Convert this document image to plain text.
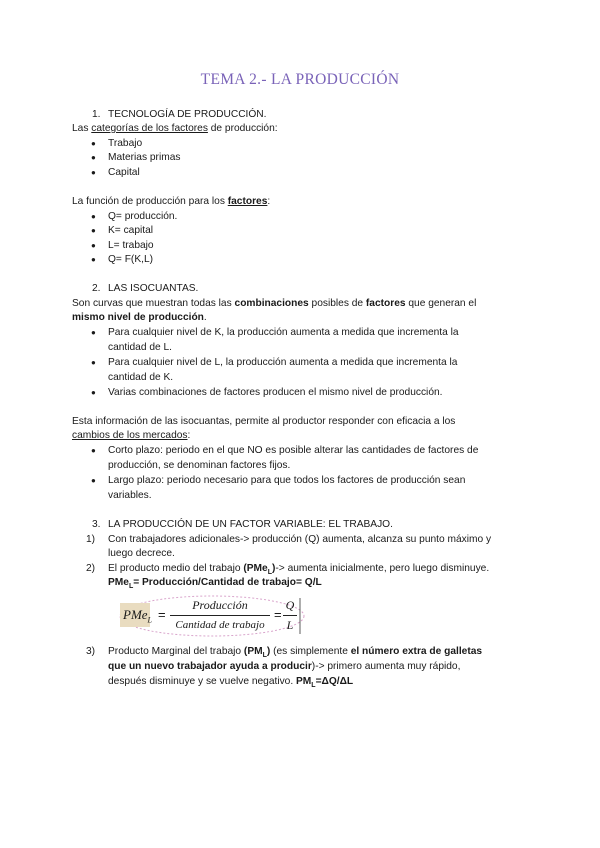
TEMA 2.- LA PRODUCCIÓN
1. TECNOLOGÍA DE PRODUCCIÓN.
Las categorías de los factores de producción:
● Trabajo
● Materias primas
● Capital
La función de producción para los factores:
● Q= producción.
● K= capital
● L= trabajo
● Q= F(K,L)
2. LAS ISOCUANTAS.
Son curvas que muestran todas las combinaciones posibles de factores que generan el
mismo nivel de producción.
● Para cualquier nivel de K, la producción aumenta a medida que incrementa la
cantidad de L.
● Para cualquier nivel de L, la producción aumenta a medida que incrementa la
cantidad de K.
● Varias combinaciones de factores producen el mismo nivel de producción.
Esta información de las isocuantas, permite al productor responder con eficacia a los
cambios de los mercados:
● Corto plazo: periodo en el que NO es posible alterar las cantidades de factores de
producción, se denominan factores fijos.
● Largo plazo: periodo necesario para que todos los factores de producción sean
variables.
3. LA PRODUCCIÓN DE UN FACTOR VARIABLE: EL TRABAJO.
1) Con trabajadores adicionales-> producción (Q) aumenta, alcanza su punto máximo y
luego decrece.
2) El producto medio del trabajo (PMe$_L$)-> aumenta inicialmente, pero luego disminuye.
PMe$_L$= Producción/Cantidad de trabajo= Q/L
PMe$_L$ =
Producción
Cantidad de trabajo
=
Q
L
3) Producto Marginal del trabajo $(PM_L)$ (es simplemente el número extra de galletas
que un nuevo trabajador ayuda a producir)-> primero aumenta muy rápido,
después disminuye y se vuelve negativo. $PM_L=\Delta Q/\Delta L$
